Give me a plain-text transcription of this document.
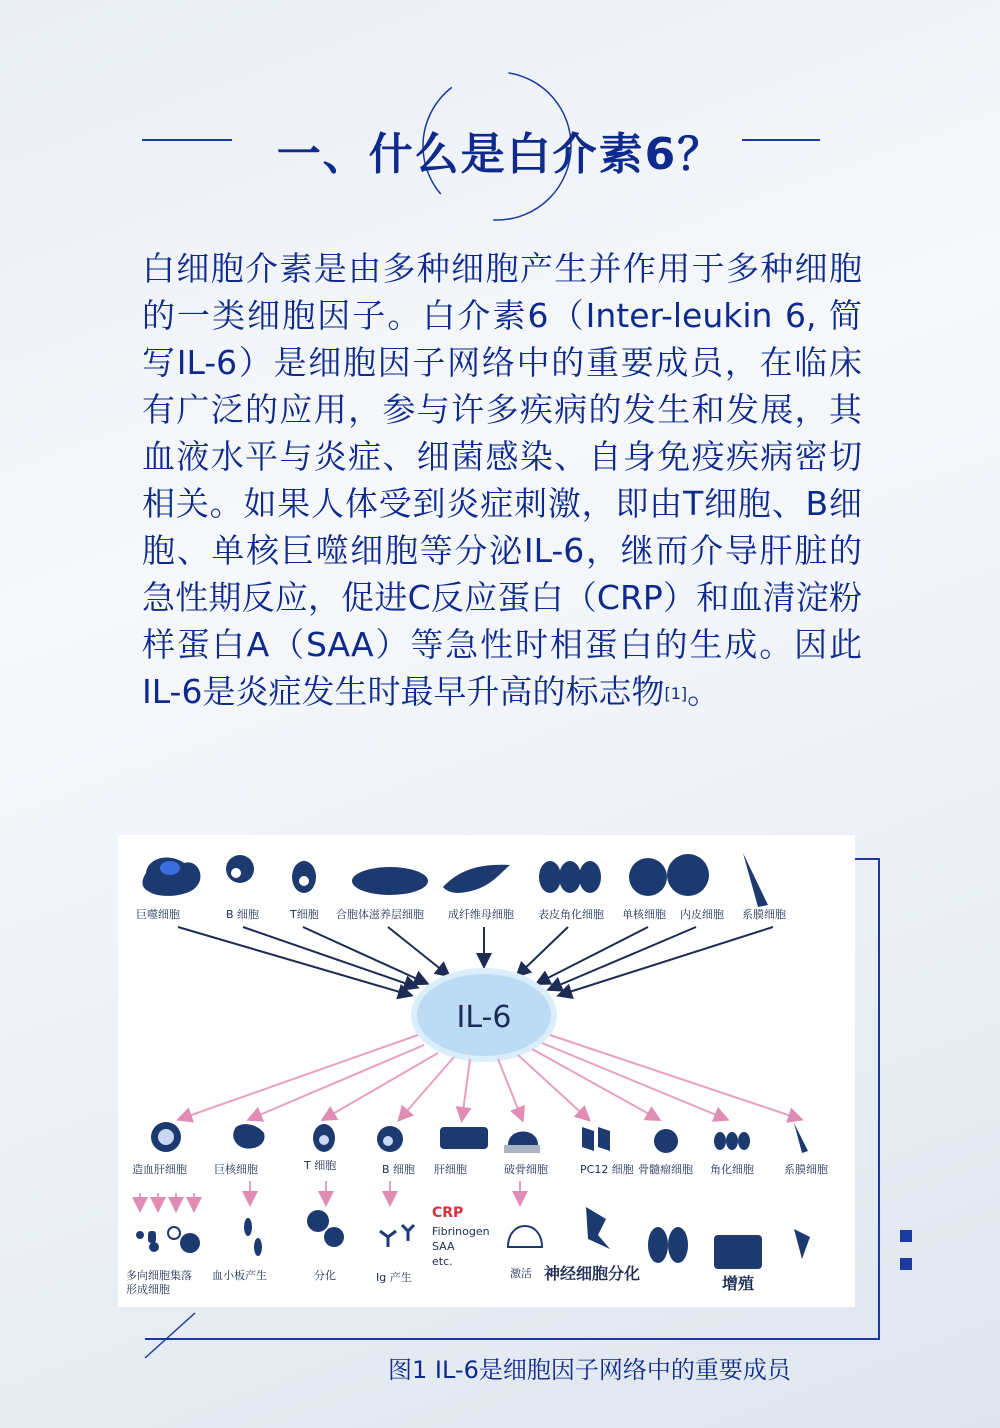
一、什么是白介素6？
白细胞介素是由多种细胞产生并作用于多种细胞的一类细胞因子。白介素6（Inter-leukin 6, 简写IL-6）是细胞因子网络中的重要成员，在临床有广泛的应用，参与许多疾病的发生和发展，其血液水平与炎症、细菌感染、自身免疫疾病密切相关。如果人体受到炎症刺激，即由T细胞、B细胞、单核巨噬细胞等分泌IL-6，继而介导肝脏的急性期反应，促进C反应蛋白（CRP）和血清淀粉样蛋白A（SAA）等急性时相蛋白的生成。因此IL-6是炎症发生时最早升高的标志物[1]。
巨噬细胞	B 细胞	T细胞 合胞体滋养层细胞 成纤维母细胞 表皮角化细胞 单核细胞 内皮细胞 系膜细胞
IL-6
造血肝细胞 巨核细胞	T 细胞	B 细胞 肝细胞	破骨细胞	PC12 细胞 骨髓瘤细胞 角化细胞	系膜细胞
多向细胞集落
形成细胞
血小板产生	分化	Ig 产生
CRP
Fibrinogen
SAA
etc.
激活 神经细胞分化
增殖
图1 IL-6是细胞因子网络中的重要成员
